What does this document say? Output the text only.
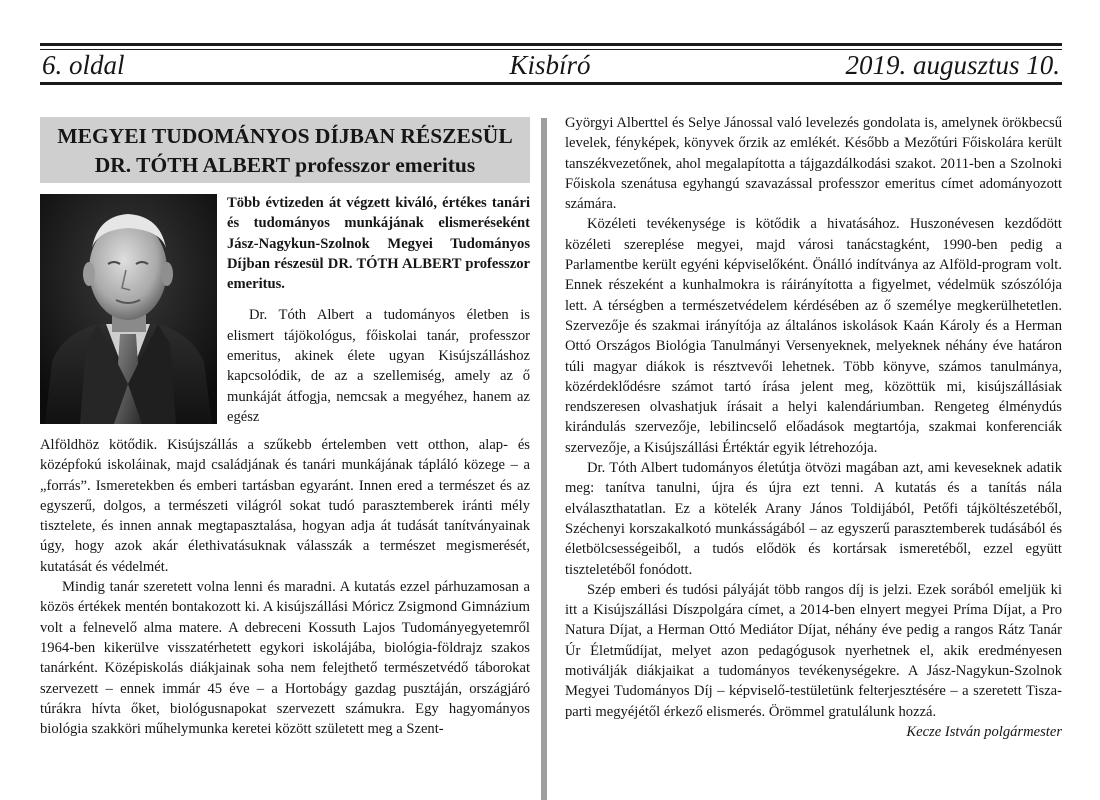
Kisbíró
6. oldal	2019. augusztus 10.
MEGYEI TUDOMÁNYOS DÍJBAN RÉSZESÜL
DR. TÓTH ALBERT professzor emeritus

Több évtizeden át végzett kiváló, értékes tanári és tudományos munkájának elismeréseként Jász-Nagykun-Szolnok Megyei Tudományos Díjban részesül DR. TÓTH ALBERT professzor emeritus.

Dr. Tóth Albert a tudományos életben is elismert tájökológus, főiskolai tanár, professzor emeritus, akinek élete ugyan Kisújszálláshoz kapcsolódik, de az a szellemiség, amely az ő munkáját átfogja, nemcsak a megyéhez, hanem az egész

Alföldhöz kötődik. Kisújszállás a szűkebb értelemben vett otthon, alap- és középfokú iskoláinak, majd családjának és tanári munkájának tápláló közege – a „forrás”. Ismeretekben és emberi tartásban egyaránt. Innen ered a természet és az egyszerű, dolgos, a természeti világról sokat tudó parasztemberek iránti mély tisztelete, és innen annak megtapasztalása, hogyan adja át tudását tanítványainak úgy, hogy azok akár élethivatásuknak válasszák a természet megismerését, kutatását és védelmét.

Mindig tanár szeretett volna lenni és maradni. A kutatás ezzel párhuzamosan a közös értékek mentén bontakozott ki. A kisújszállási Móricz Zsigmond Gimnázium volt a felnevelő alma matere. A debreceni Kossuth Lajos Tudományegyetemről 1964-ben kikerülve visszatérhetett egykori iskolájába, biológia-földrajz szakos tanárként. Középiskolás diákjainak soha nem felejthető természetvédő táborokat szervezett – ennek immár 45 éve – a Hortobágy gazdag pusztáján, országjáró túrákra hívta őket, biológusnapokat szervezett számukra. Egy hagyományos biológia szakköri műhelymunka keretei között született meg a Szent-

Györgyi Alberttel és Selye Jánossal való levelezés gondolata is, amelynek örökbecsű levelek, fényképek, könyvek őrzik az emlékét. Később a Mezőtúri Főiskolára került tanszékvezetőnek, ahol megalapította a tájgazdálkodási szakot. 2011-ben a Szolnoki Főiskola szenátusa egyhangú szavazással professzor emeritus címet adományozott számára.

Közéleti tevékenysége is kötődik a hivatásához. Huszonévesen kezdődött közéleti szereplése megyei, majd városi tanácstagként, 1990-ben pedig a Parlamentbe került egyéni képviselőként. Önálló indítványa az Alföld-program volt. Ennek részeként a kunhalmokra is ráirányította a figyelmet, védelmük szószólója lett. A térségben a természetvédelem kérdésében az ő személye megkerülhetetlen. Szervezője és szakmai irányítója az általános iskolások Kaán Károly és a Herman Ottó Országos Biológia Tanulmányi Versenyeknek, melyeknek néhány éve határon túli magyar diákok is résztvevői lehetnek. Több könyve, számos tanulmánya, közérdeklődésre számot tartó írása jelent meg, közöttük mi, kisújszállásiak rendszeresen olvashatjuk írásait a helyi kalendáriumban. Rengeteg élménydús kirándulás szervezője, lebilincselő előadások megtartója, szakmai konferenciák szervezője, a Kisújszállási Értéktár egyik létrehozója.

Dr. Tóth Albert tudományos életútja ötvözi magában azt, ami keveseknek adatik meg: tanítva tanulni, újra és újra ezt tenni. A kutatás és a tanítás nála elválaszthatatlan. Ez a kötelék Arany János Toldijából, Petőfi tájköltészetéből, Széchenyi korszakalkotó munkásságából – az egyszerű parasztemberek tudásából és életbölcsességeiből, a tudós elődök és kortársak ismeretéből, ezzel együtt tiszteletéből fonódott.

Szép emberi és tudósi pályáját több rangos díj is jelzi. Ezek sorából emeljük ki itt a Kisújszállási Díszpolgára címet, a 2014-ben elnyert megyei Príma Díjat, a Pro Natura Díjat, a Herman Ottó Mediátor Díjat, néhány éve pedig a rangos Rátz Tanár Úr Életműdíjat, melyet azon pedagógusok nyerhetnek el, akik eredményesen motiválják diákjaikat a tudományos tevékenységekre. A Jász-Nagykun-Szolnok Megyei Tudományos Díj – képviselő-testületünk felterjesztésére – a szeretett Tisza-parti megyéjétől érkező elismerés. Örömmel gratulálunk hozzá.

Kecze István polgármester
